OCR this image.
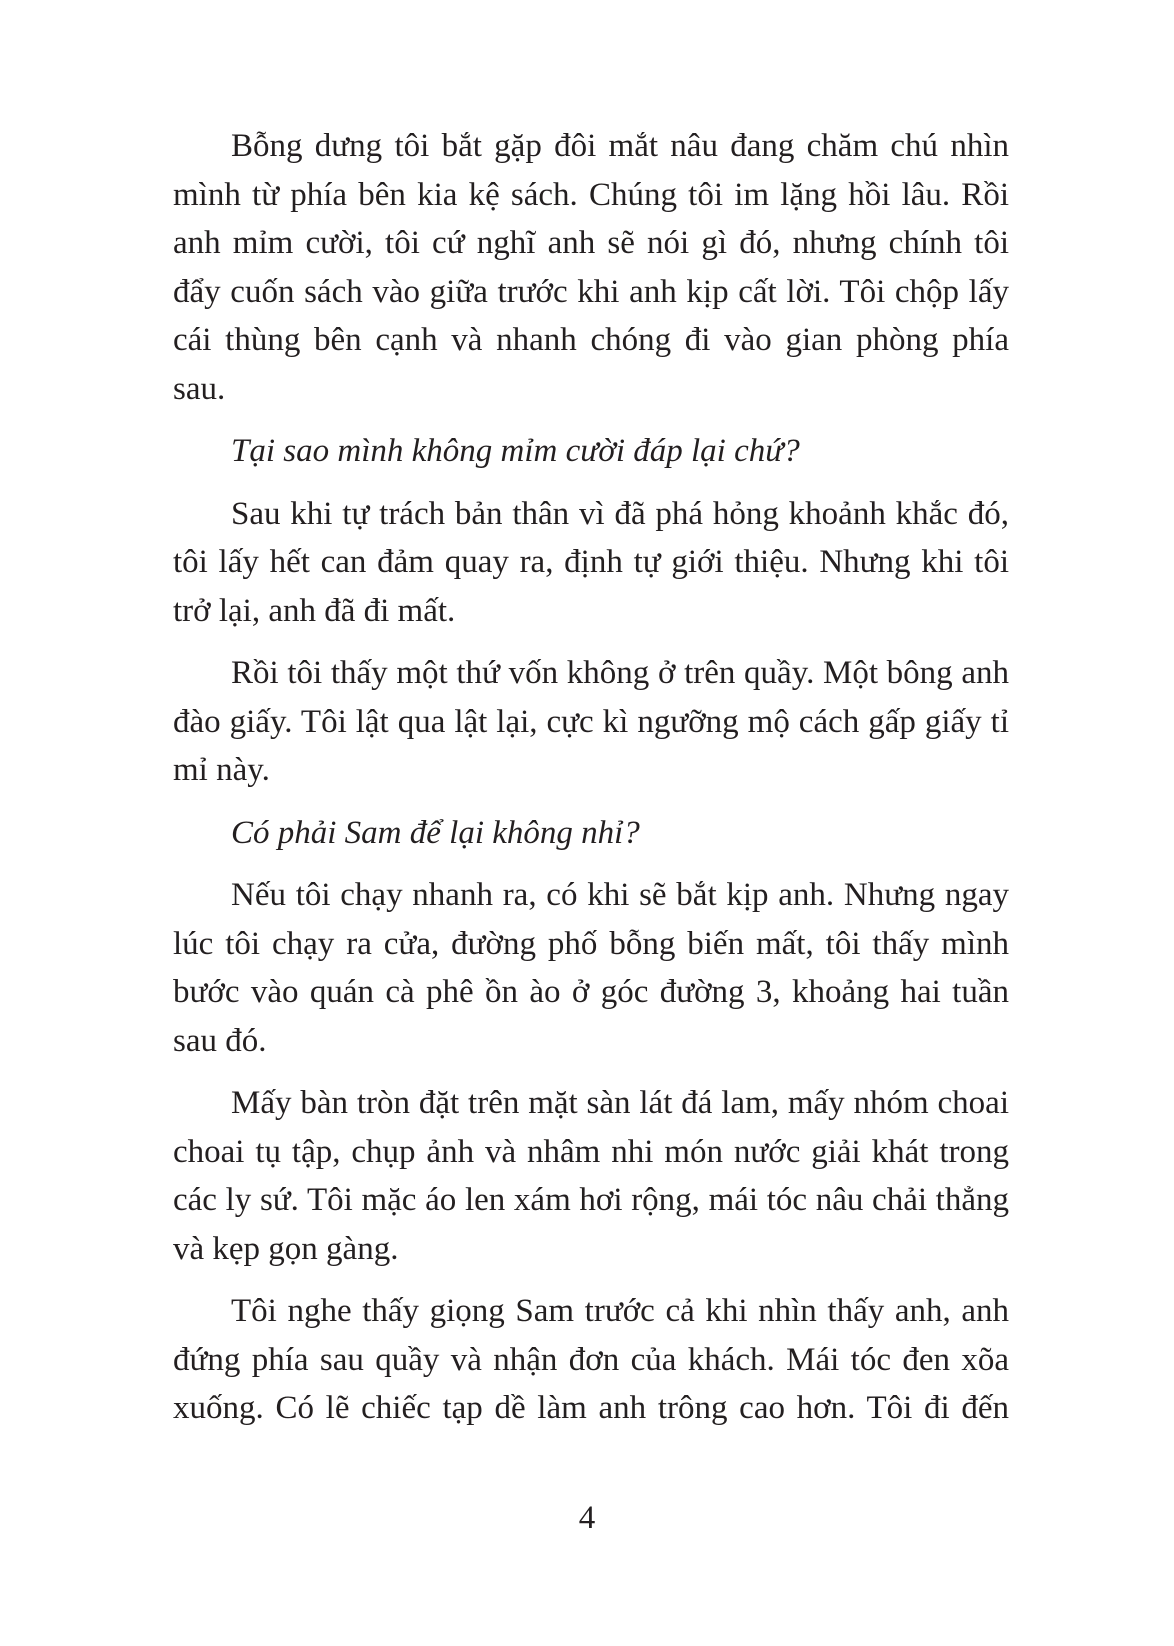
Bỗng dưng tôi bắt gặp đôi mắt nâu đang chăm chú nhìn mình từ phía bên kia kệ sách. Chúng tôi im lặng hồi lâu. Rồi anh mỉm cười, tôi cứ nghĩ anh sẽ nói gì đó, nhưng chính tôi đẩy cuốn sách vào giữa trước khi anh kịp cất lời. Tôi chộp lấy cái thùng bên cạnh và nhanh chóng đi vào gian phòng phía sau.

Tại sao mình không mỉm cười đáp lại chứ?

Sau khi tự trách bản thân vì đã phá hỏng khoảnh khắc đó, tôi lấy hết can đảm quay ra, định tự giới thiệu. Nhưng khi tôi trở lại, anh đã đi mất.

Rồi tôi thấy một thứ vốn không ở trên quầy. Một bông anh đào giấy. Tôi lật qua lật lại, cực kì ngưỡng mộ cách gấp giấy tỉ mỉ này.

Có phải Sam để lại không nhỉ?

Nếu tôi chạy nhanh ra, có khi sẽ bắt kịp anh. Nhưng ngay lúc tôi chạy ra cửa, đường phố bỗng biến mất, tôi thấy mình bước vào quán cà phê ồn ào ở góc đường 3, khoảng hai tuần sau đó.

Mấy bàn tròn đặt trên mặt sàn lát đá lam, mấy nhóm choai choai tụ tập, chụp ảnh và nhâm nhi món nước giải khát trong các ly sứ. Tôi mặc áo len xám hơi rộng, mái tóc nâu chải thẳng và kẹp gọn gàng.

Tôi nghe thấy giọng Sam trước cả khi nhìn thấy anh, anh đứng phía sau quầy và nhận đơn của khách. Mái tóc đen xõa xuống. Có lẽ chiếc tạp dề làm anh trông cao hơn. Tôi đi đến

4
